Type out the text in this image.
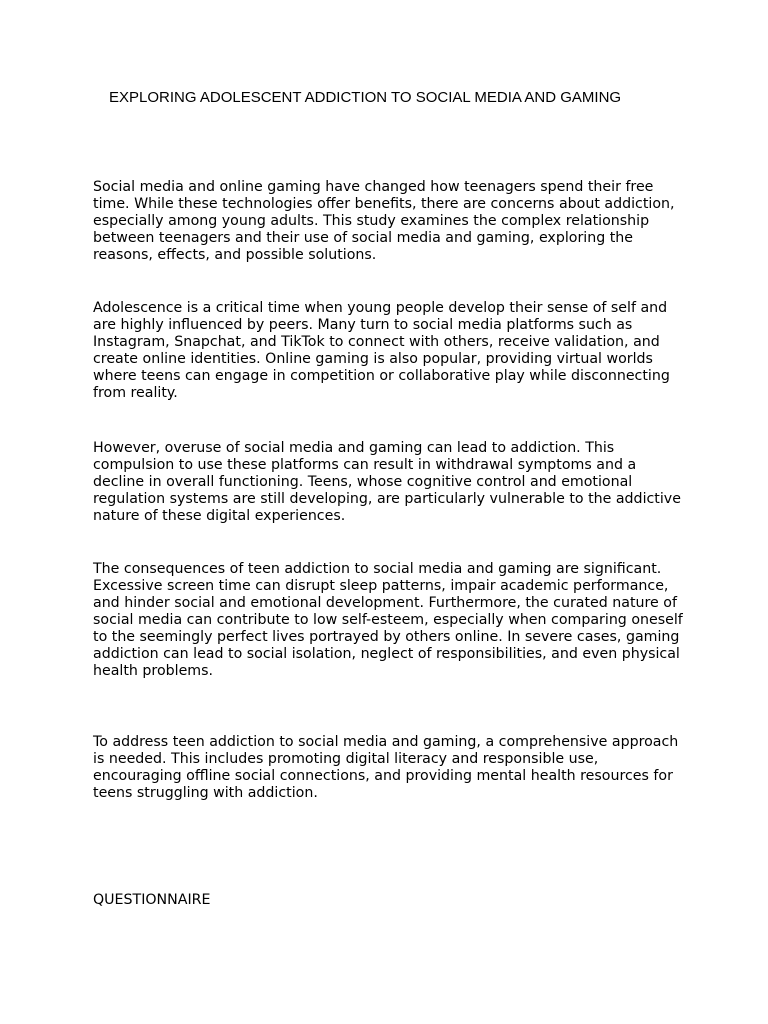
EXPLORING ADOLESCENT ADDICTION TO SOCIAL MEDIA AND GAMING

Social media and online gaming have changed how teenagers spend their free time. While these technologies offer benefits, there are concerns about addiction, especially among young adults. This study examines the complex relationship between teenagers and their use of social media and gaming, exploring the reasons, effects, and possible solutions.

Adolescence is a critical time when young people develop their sense of self and are highly influenced by peers. Many turn to social media platforms such as Instagram, Snapchat, and TikTok to connect with others, receive validation, and create online identities. Online gaming is also popular, providing virtual worlds where teens can engage in competition or collaborative play while disconnecting from reality.

However, overuse of social media and gaming can lead to addiction. This compulsion to use these platforms can result in withdrawal symptoms and a decline in overall functioning. Teens, whose cognitive control and emotional regulation systems are still developing, are particularly vulnerable to the addictive nature of these digital experiences.

The consequences of teen addiction to social media and gaming are significant. Excessive screen time can disrupt sleep patterns, impair academic performance, and hinder social and emotional development. Furthermore, the curated nature of social media can contribute to low self-esteem, especially when comparing oneself to the seemingly perfect lives portrayed by others online. In severe cases, gaming addiction can lead to social isolation, neglect of responsibilities, and even physical health problems.

To address teen addiction to social media and gaming, a comprehensive approach is needed. This includes promoting digital literacy and responsible use, encouraging offline social connections, and providing mental health resources for teens struggling with addiction.

QUESTIONNAIRE
